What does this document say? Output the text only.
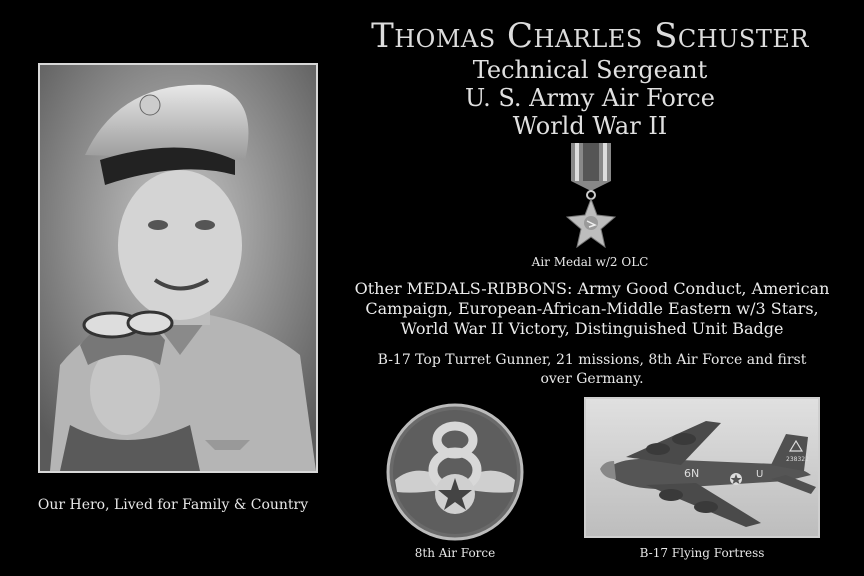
Our Hero, Lived for Family & Country
Thomas Charles Schuster
Technical Sergeant
U. S. Army Air Force
World War II
Air Medal w/2 OLC
Other MEDALS-RIBBONS: Army Good Conduct, American
Campaign, European-African-Middle Eastern w/3 Stars,
World War II Victory, Distinguished Unit Badge
B-17 Top Turret Gunner, 21 missions, 8th Air Force and first
over Germany.
8th Air Force
6N	U
238322
B-17 Flying Fortress
